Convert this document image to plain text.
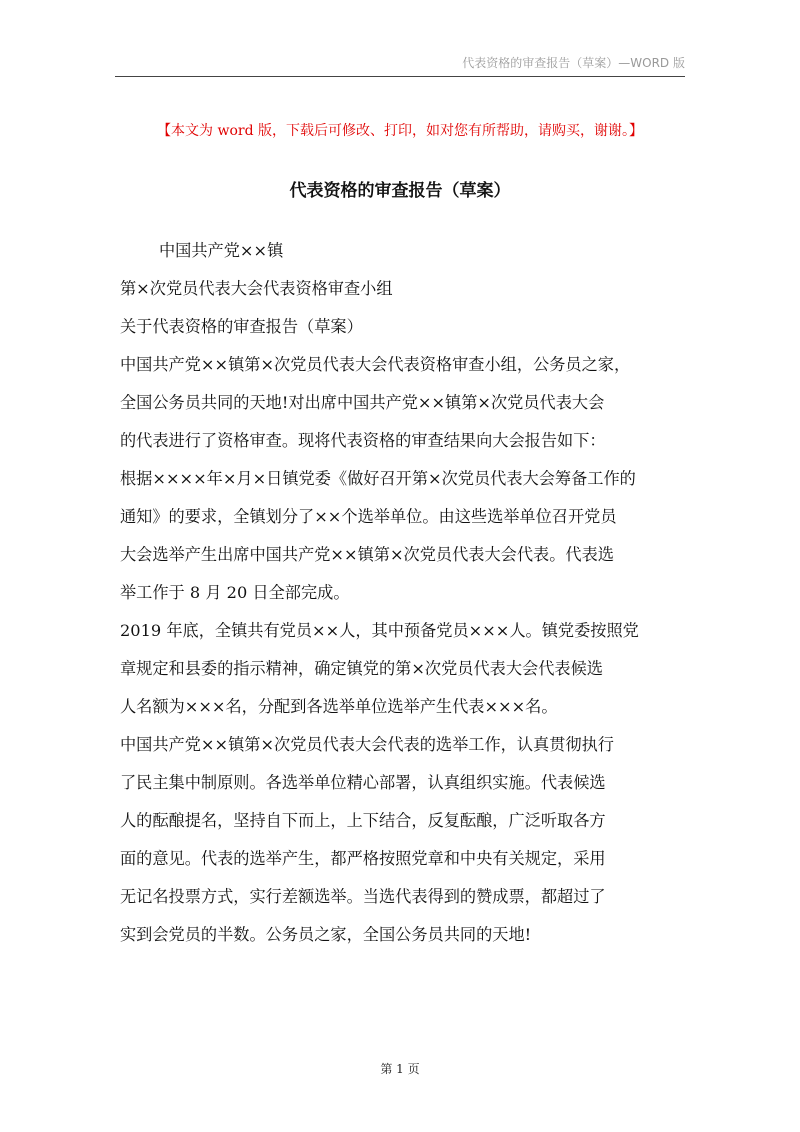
代表资格的审查报告（草案）—WORD 版
【本文为 word 版，下载后可修改、打印，如对您有所帮助，请购买，谢谢。】
代表资格的审查报告（草案）
中国共产党××镇
第×次党员代表大会代表资格审查小组
关于代表资格的审查报告（草案）
中国共产党××镇第×次党员代表大会代表资格审查小组，公务员之家，
全国公务员共同的天地!对出席中国共产党××镇第×次党员代表大会
的代表进行了资格审查。现将代表资格的审查结果向大会报告如下：
根据××××年×月×日镇党委《做好召开第×次党员代表大会筹备工作的
通知》的要求，全镇划分了××个选举单位。由这些选举单位召开党员
大会选举产生出席中国共产党××镇第×次党员代表大会代表。代表选
举工作于 8 月 20 日全部完成。
2019 年底，全镇共有党员××人，其中预备党员×××人。镇党委按照党
章规定和县委的指示精神，确定镇党的第×次党员代表大会代表候选
人名额为×××名，分配到各选举单位选举产生代表×××名。
中国共产党××镇第×次党员代表大会代表的选举工作，认真贯彻执行
了民主集中制原则。各选举单位精心部署，认真组织实施。代表候选
人的酝酿提名，坚持自下而上，上下结合，反复酝酿，广泛听取各方
面的意见。代表的选举产生，都严格按照党章和中央有关规定，采用
无记名投票方式，实行差额选举。当选代表得到的赞成票，都超过了
实到会党员的半数。公务员之家，全国公务员共同的天地!
第 1 页
